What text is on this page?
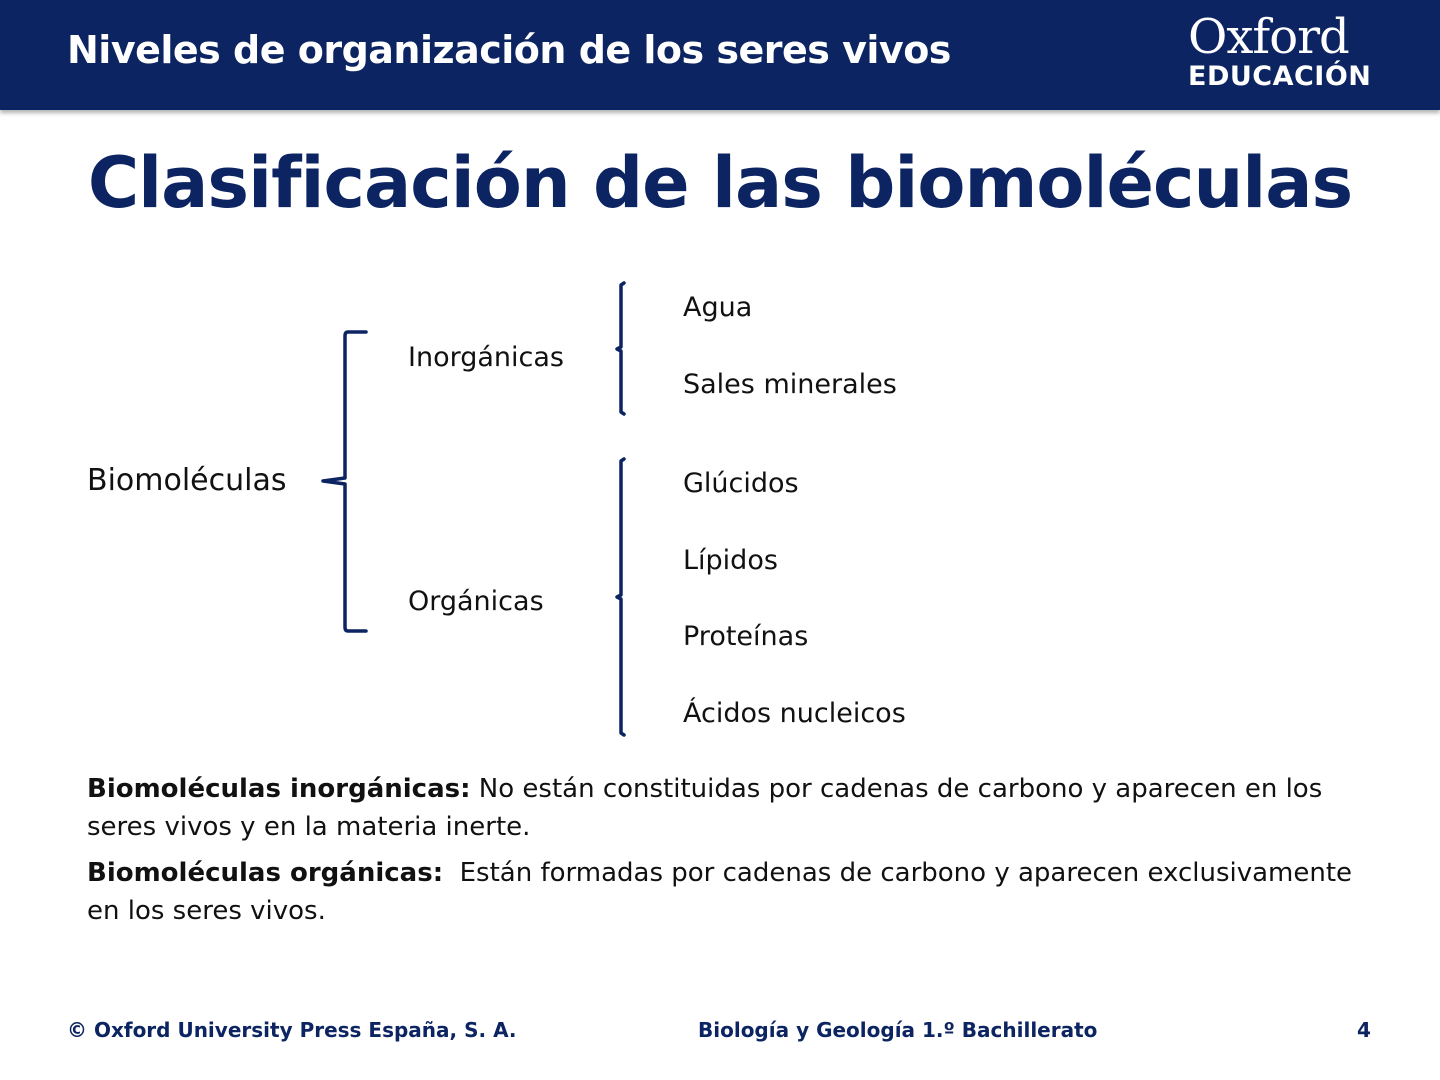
Niveles de organización de los seres vivos	Oxford
EDUCACIÓN
Clasificación de las biomoléculas
Biomoléculas
Inorgánicas
Orgánicas
Agua
Sales minerales
Glúcidos
Lípidos
Proteínas
Ácidos nucleicos
Biomoléculas inorgánicas: No están constituidas por cadenas de carbono y aparecen en los seres vivos y en la materia inerte.
Biomoléculas orgánicas:  Están formadas por cadenas de carbono y aparecen exclusivamente en los seres vivos.
© Oxford University Press España, S. A.	Biología y Geología 1.º Bachillerato	4
